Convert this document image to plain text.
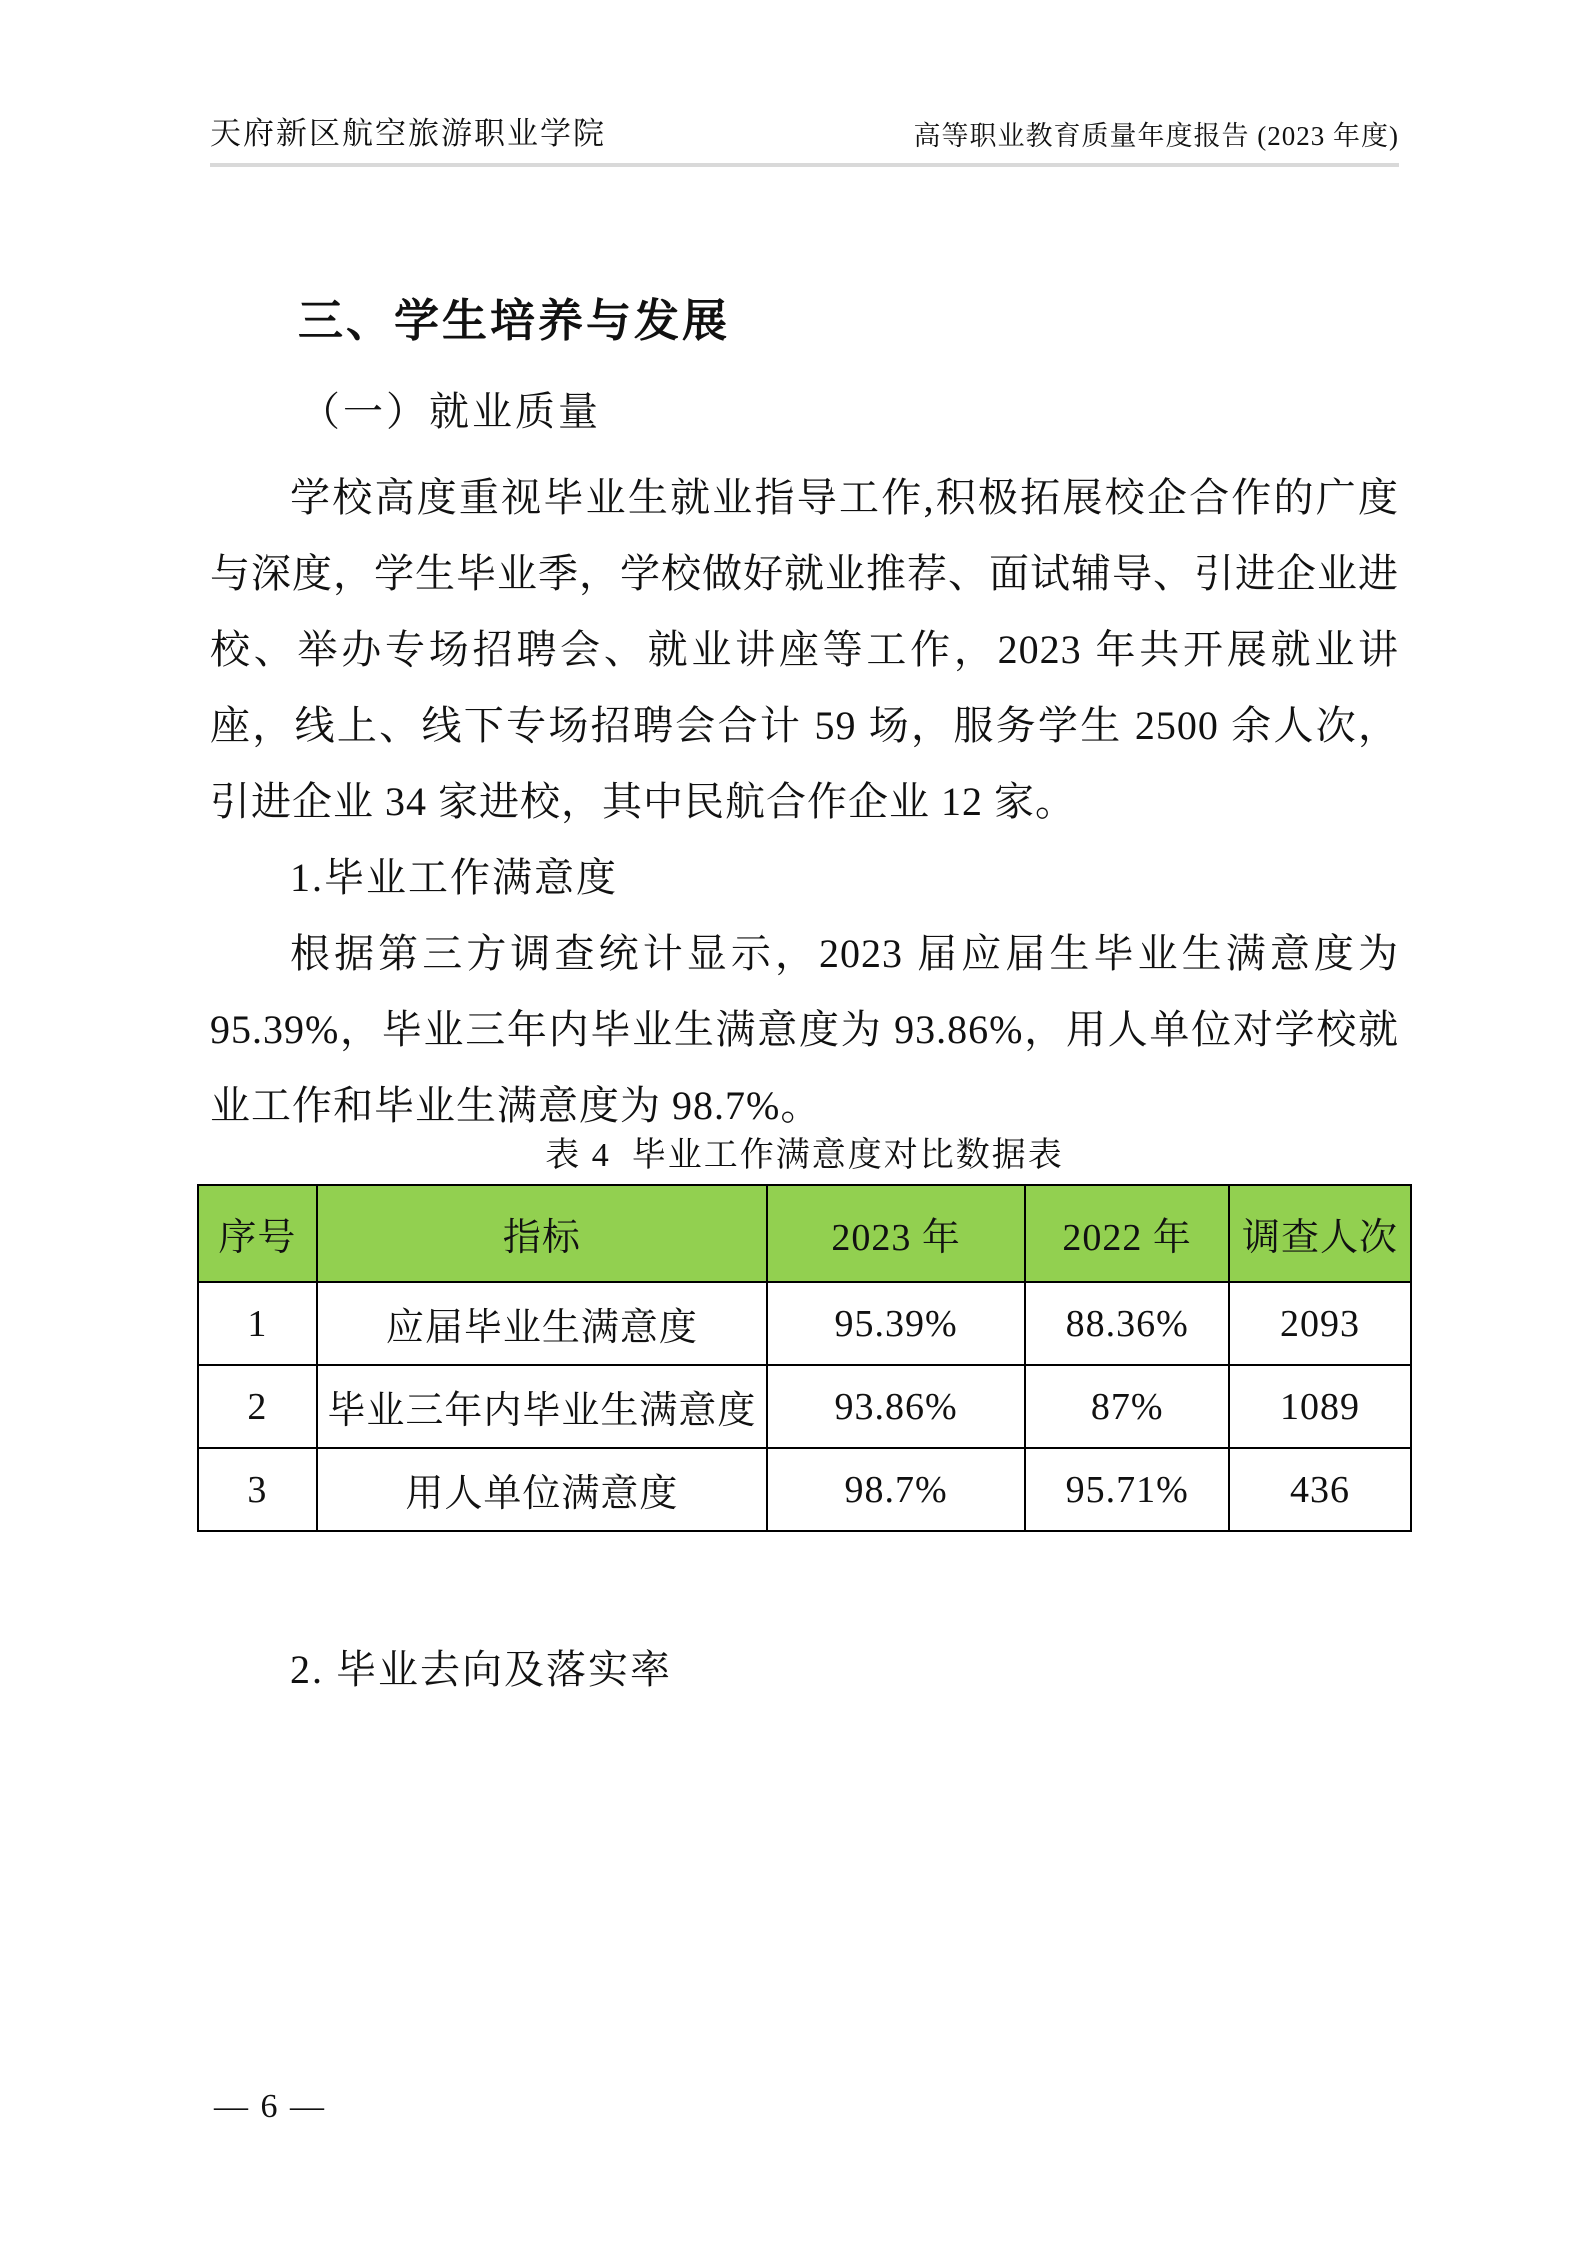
天府新区航空旅游职业学院	高等职业教育质量年度报告 (2023 年度)
三、学生培养与发展
（一）就业质量

学校高度重视毕业生就业指导工作,积极拓展校企合作的广度与深度，学生毕业季，学校做好就业推荐、面试辅导、引进企业进校、举办专场招聘会、就业讲座等工作，2023 年共开展就业讲座，线上、线下专场招聘会合计 59 场，服务学生 2500 余人次，引进企业 34 家进校，其中民航合作企业 12 家。

1.毕业工作满意度

根据第三方调查统计显示，2023 届应届生毕业生满意度为 95.39%，毕业三年内毕业生满意度为 93.86%，用人单位对学校就业工作和毕业生满意度为 98.7%。

表 4  毕业工作满意度对比数据表
序号	指标	2023 年	2022 年	调查人次
1	应届毕业生满意度	95.39%	88.36%	2093
2	毕业三年内毕业生满意度	93.86%	87%	1089
3	用人单位满意度	98.7%	95.71%	436

2. 毕业去向及落实率

— 6 —
